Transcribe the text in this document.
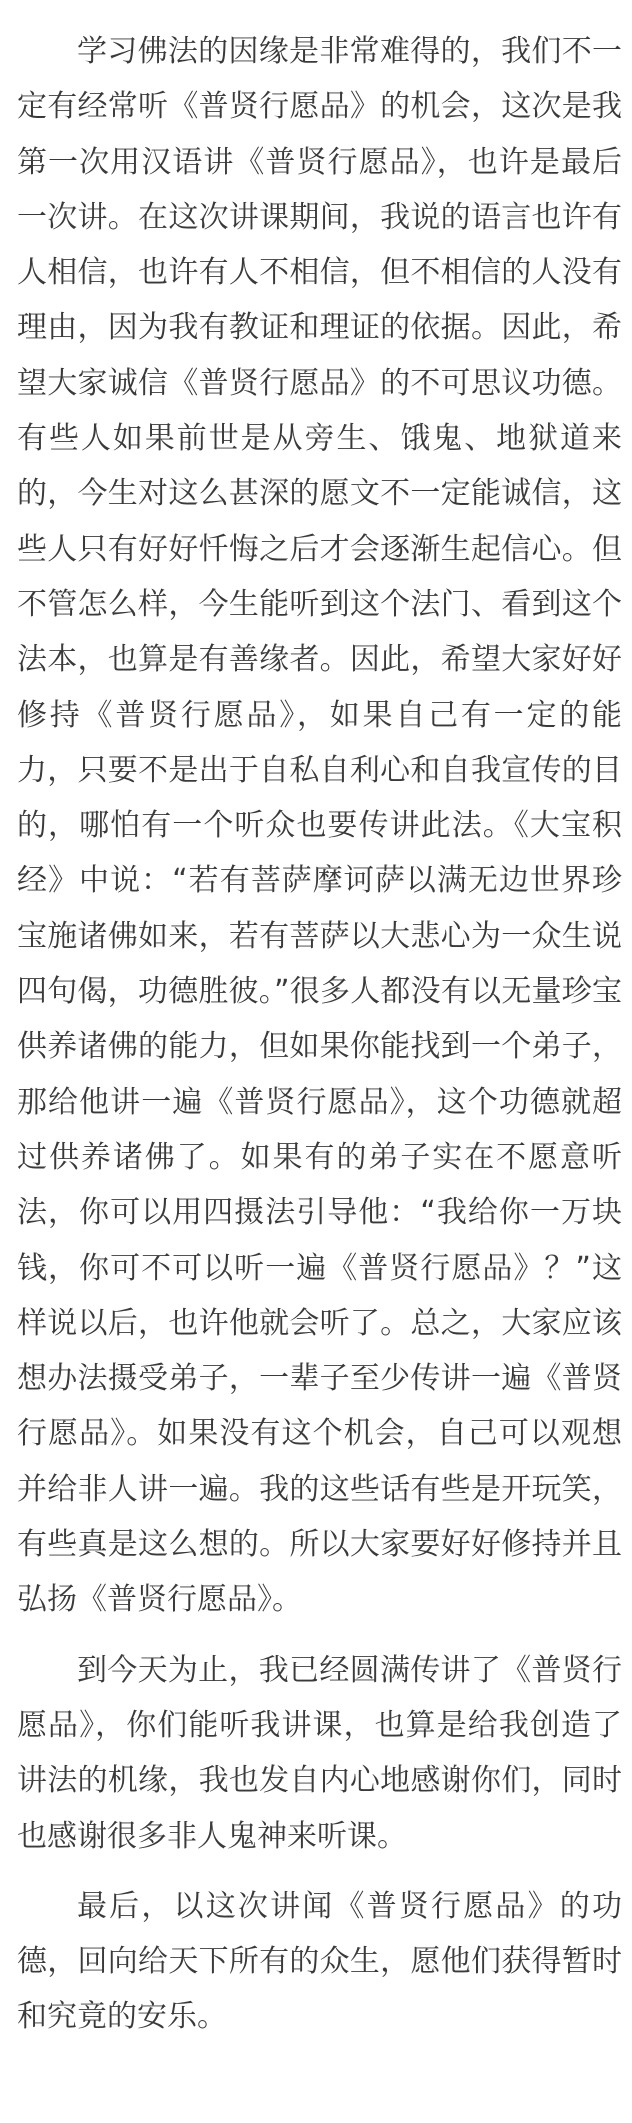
学习佛法的因缘是非常难得的，我们不一定有经常听《普贤行愿品》的机会，这次是我第一次用汉语讲《普贤行愿品》，也许是最后一次讲。在这次讲课期间，我说的语言也许有人相信，也许有人不相信，但不相信的人没有理由，因为我有教证和理证的依据。因此，希望大家诚信《普贤行愿品》的不可思议功德。有些人如果前世是从旁生、饿鬼、地狱道来的，今生对这么甚深的愿文不一定能诚信，这些人只有好好忏悔之后才会逐渐生起信心。但不管怎么样，今生能听到这个法门、看到这个法本，也算是有善缘者。因此，希望大家好好修持《普贤行愿品》，如果自己有一定的能力，只要不是出于自私自利心和自我宣传的目的，哪怕有一个听众也要传讲此法。《大宝积经》中说：“若有菩萨摩诃萨以满无边世界珍宝施诸佛如来，若有菩萨以大悲心为一众生说四句偈，功德胜彼。”很多人都没有以无量珍宝供养诸佛的能力，但如果你能找到一个弟子，那给他讲一遍《普贤行愿品》，这个功德就超过供养诸佛了。如果有的弟子实在不愿意听法，你可以用四摄法引导他：“我给你一万块钱，你可不可以听一遍《普贤行愿品》？”这样说以后，也许他就会听了。总之，大家应该想办法摄受弟子，一辈子至少传讲一遍《普贤行愿品》。如果没有这个机会，自己可以观想并给非人讲一遍。我的这些话有些是开玩笑，有些真是这么想的。所以大家要好好修持并且弘扬《普贤行愿品》。

到今天为止，我已经圆满传讲了《普贤行愿品》，你们能听我讲课，也算是给我创造了讲法的机缘，我也发自内心地感谢你们，同时也感谢很多非人鬼神来听课。

最后，以这次讲闻《普贤行愿品》的功德，回向给天下所有的众生，愿他们获得暂时和究竟的安乐。
